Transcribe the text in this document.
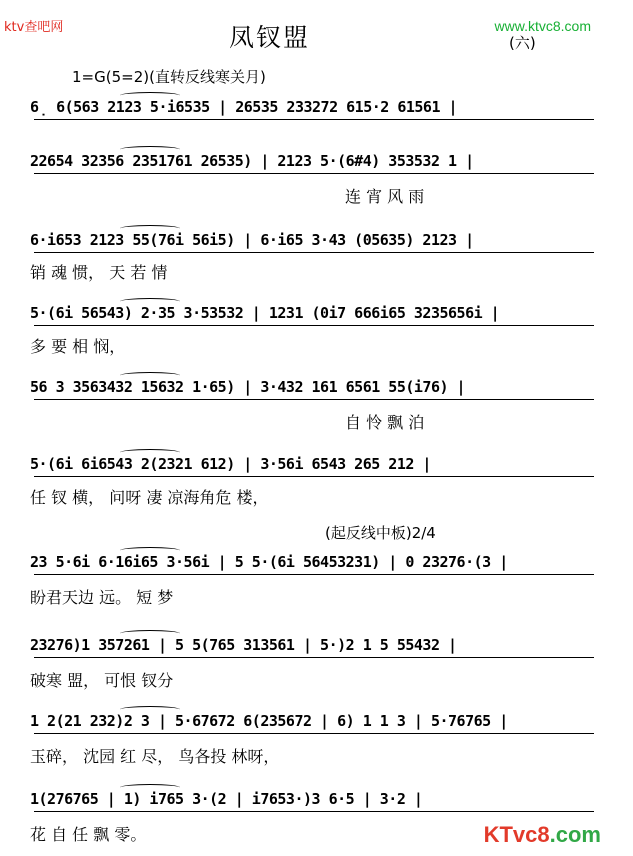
ktv查吧网	www.ktvc8.com
凤钗盟	(六)
1=G(5=2)(直转反线寒关月)
6̣ 6(563 2123 5·i6535 | 26535 233272 615·2 61561 |
22654 32356 2351761 26535) | 2123 5·(6#4) 353532 1 |
连 宵 风 雨
6·i653 2123 55(76i 56i5) | 6·i65 3·43 (05635) 2123 |
销 魂 惯， 天 若 情
5·(6i 56543) 2·35 3·53532 | 1231 (0i7 666i65 3235656i |
多 要 相 悯，
56 3 3563432 15632 1·65) | 3·432 161 6561 55(i76) |
自 怜 飘 泊
5·(6i 6i6543 2(2321 612) | 3·56i 6543 265 212 |
任 钗 横， 问呀 凄 凉海角危 楼，
23 5·6i 6·16i65 3·56i | 5 5·(6i 56453231) | 0 23276·(3 |
盼君天边 远。 短 梦
23276)1 357261 | 5 5(765 313561 | 5·)2 1 5 55432 |
破寒 盟， 可恨 钗分
1 2(21 232)2 3 | 5·67672 6(235672 | 6) 1 1 3 | 5·76765 |
玉碎， 沈园 红 尽， 鸟各投 林呀，
1(276765 | 1) i765 3·(2 | i7653·)3 6·5 | 3·2 |
花 自 任 飘 零。
(起反线中板)2/4
KTvc8.com
